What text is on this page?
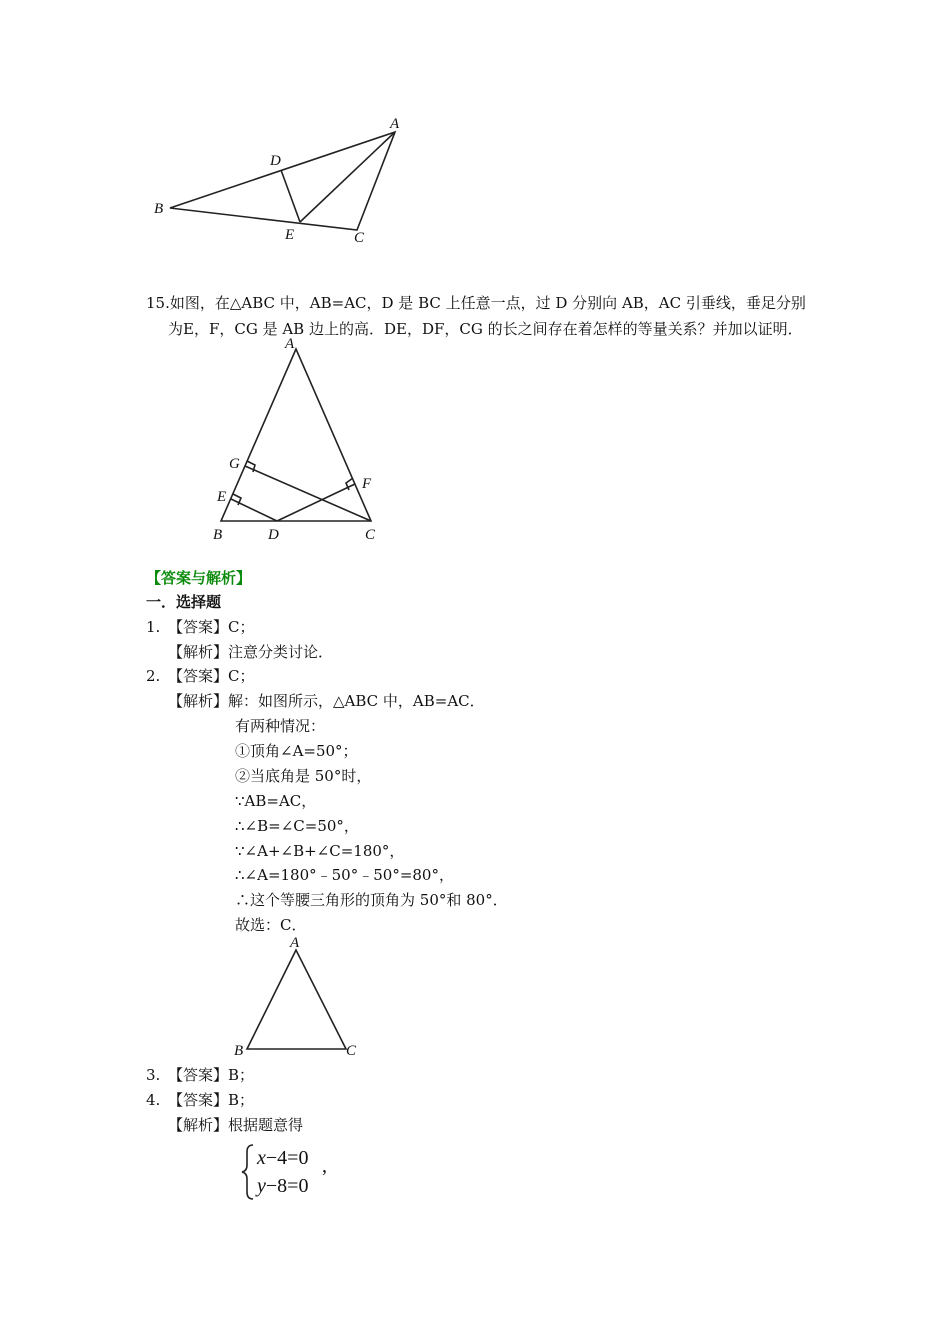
A
B
C
D
E
15.如图，在△ABC 中，AB=AC，D 是 BC 上任意一点，过 D 分别向 AB，AC 引垂线，垂足分别
为E，F，CG 是 AB 边上的高．DE，DF，CG 的长之间存在着怎样的等量关系？并加以证明．
A
B	C
D
E
F
G
【答案与解析】
一．选择题
1. 【答案】C；
【解析】注意分类讨论．
2. 【答案】C；
【解析】解：如图所示，△ABC 中，AB=AC．
有两种情况：
①顶角∠A=50°；
②当底角是 50°时，
∵AB=AC，
∴∠B=∠C=50°，
∵∠A+∠B+∠C=180°，
∴∠A=180°﹣50°﹣50°=80°，
∴这个等腰三角形的顶角为 50°和 80°．
故选：C．
A
B	C
3. 【答案】B；
4. 【答案】B；
【解析】根据题意得
x−4=0
y−8=0
,
